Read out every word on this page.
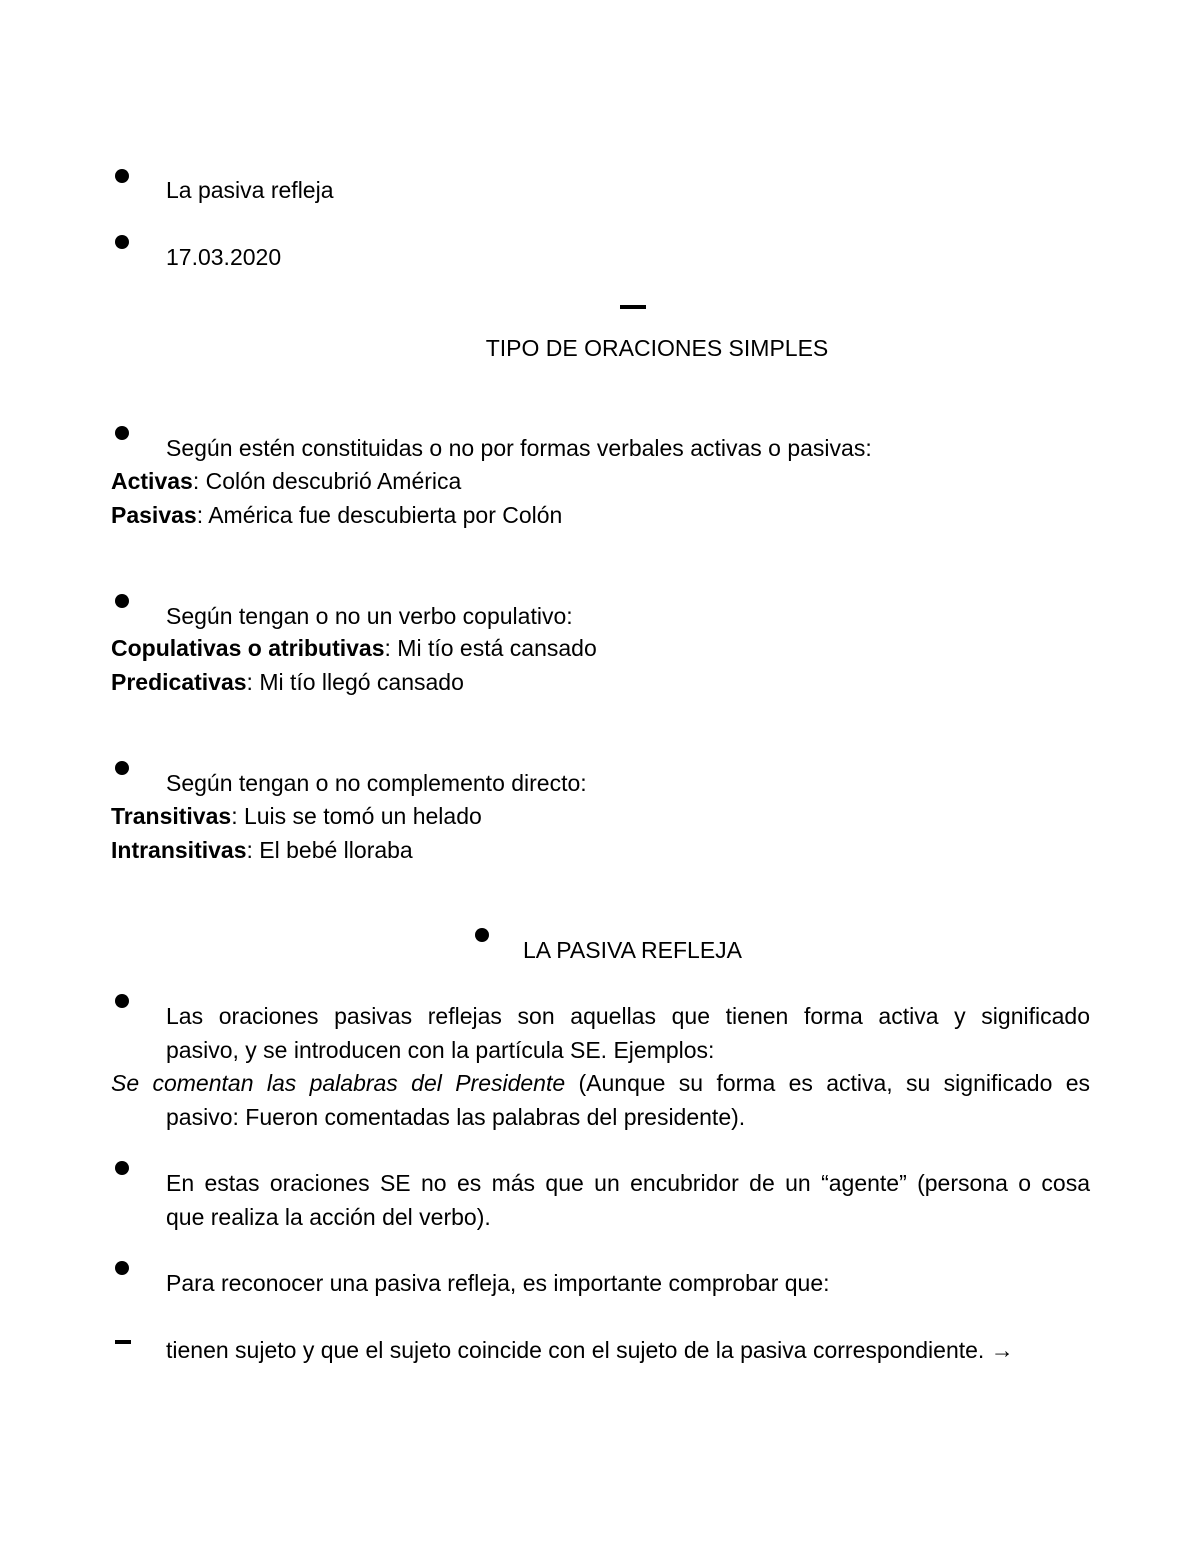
La pasiva refleja
17.03.2020
TIPO DE ORACIONES SIMPLES
Según estén constituidas o no por formas verbales activas o pasivas:
Activas: Colón descubrió América
Pasivas: América fue descubierta por Colón
Según tengan o no un verbo copulativo:
Copulativas o atributivas: Mi tío está cansado
Predicativas: Mi tío llegó cansado
Según tengan o no complemento directo:
Transitivas: Luis se tomó un helado
Intransitivas: El bebé lloraba
LA PASIVA REFLEJA
Las oraciones pasivas reflejas son aquellas que tienen forma activa y significado
pasivo, y se introducen con la partícula SE. Ejemplos:
Se comentan las palabras del Presidente (Aunque su forma es activa, su significado es
pasivo: Fueron comentadas las palabras del presidente).
En estas oraciones SE no es más que un encubridor de un “agente” (persona o cosa
que realiza la acción del verbo).
Para reconocer una pasiva refleja, es importante comprobar que:
tienen sujeto y que el sujeto coincide con el sujeto de la pasiva correspondiente. →
